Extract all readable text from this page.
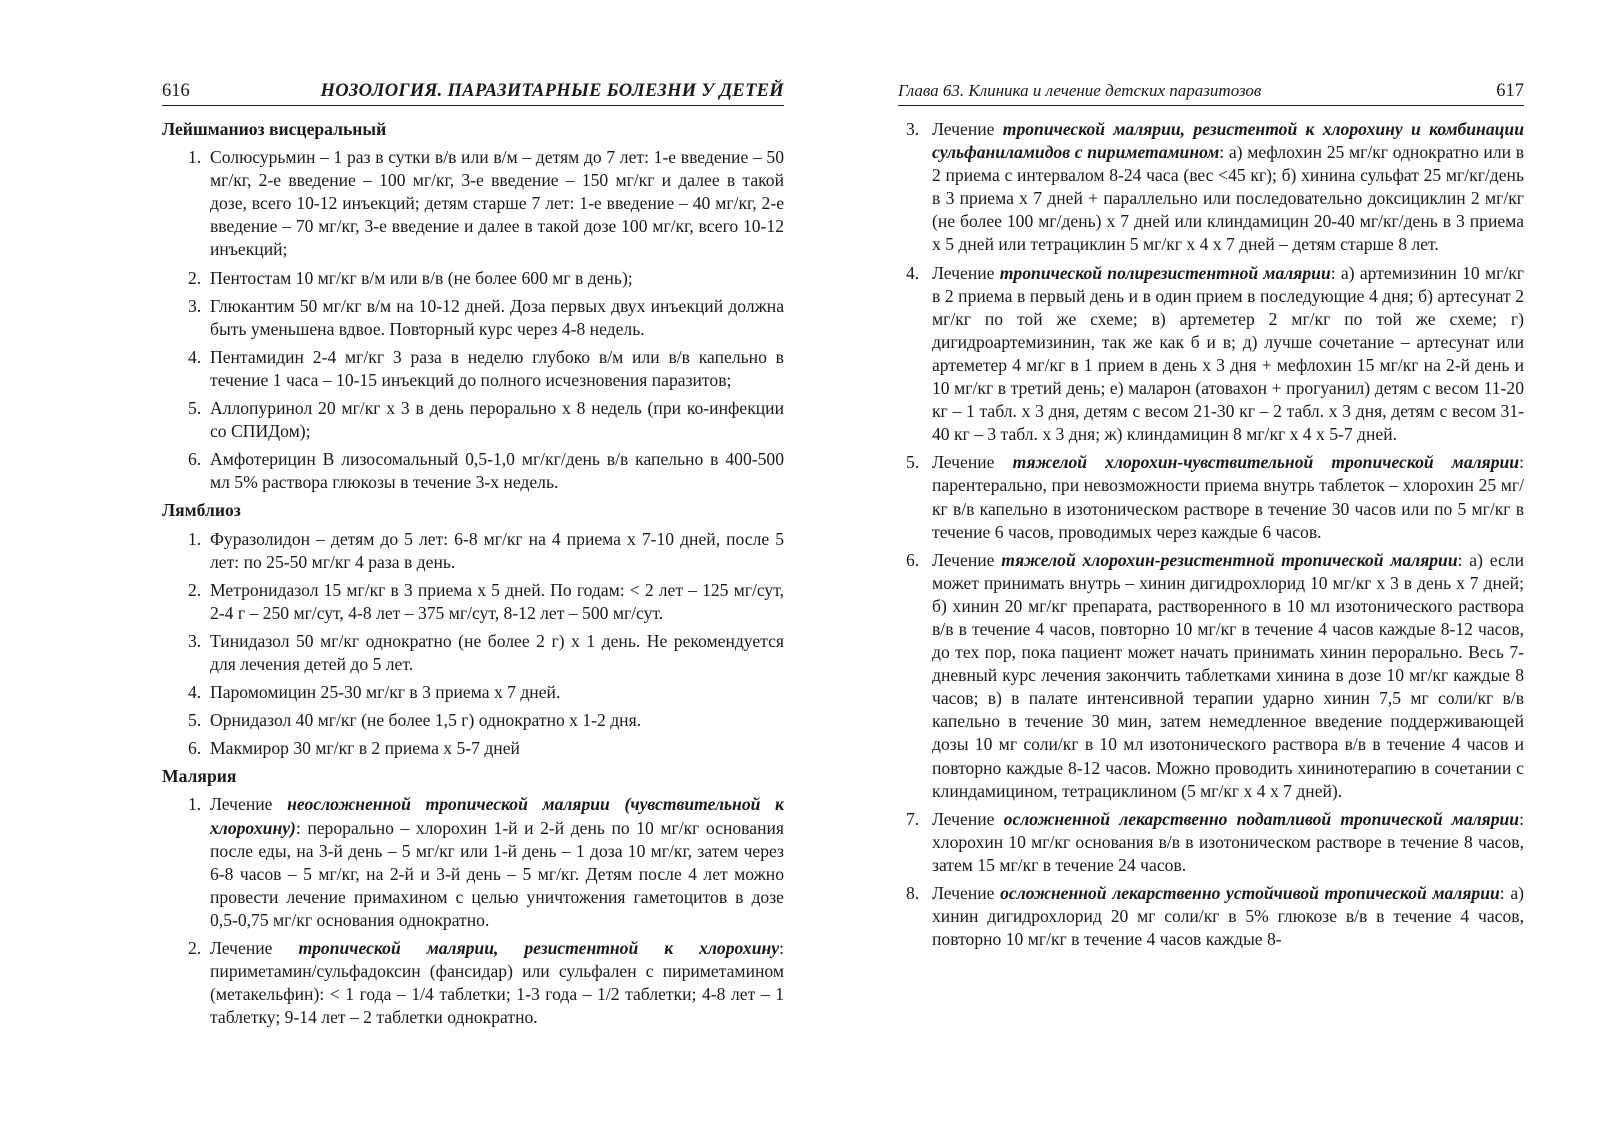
616	НОЗОЛОГИЯ. ПАРАЗИТАРНЫЕ БОЛЕЗНИ У ДЕТЕЙ
Лейшманиоз висцеральный
1. Солюсурьмин – 1 раз в сутки в/в или в/м – детям до 7 лет: 1-е введение – 50 мг/кг, 2-е введение – 100 мг/кг, 3-е введение – 150 мг/кг и далее в такой дозе, всего 10-12 инъекций; детям старше 7 лет: 1-е введение – 40 мг/кг, 2-е введение – 70 мг/кг, 3-е введение и далее в такой дозе 100 мг/кг, всего 10-12 инъекций;
2. Пентостам 10 мг/кг в/м или в/в (не более 600 мг в день);
3. Глюкантим 50 мг/кг в/м на 10-12 дней. Доза первых двух инъекций должна быть уменьшена вдвое. Повторный курс через 4-8 недель.
4. Пентамидин 2-4 мг/кг 3 раза в неделю глубоко в/м или в/в капельно в течение 1 часа – 10-15 инъекций до полного исчезновения паразитов;
5. Аллопуринол 20 мг/кг х 3 в день перорально х 8 недель (при ко-инфекции со СПИДом);
6. Амфотерицин В лизосомальный 0,5-1,0 мг/кг/день в/в капельно в 400-500 мл 5% раствора глюкозы в течение 3-х недель.
Лямблиоз
1. Фуразолидон – детям до 5 лет: 6-8 мг/кг на 4 приема х 7-10 дней, после 5 лет: по 25-50 мг/кг 4 раза в день.
2. Метронидазол 15 мг/кг в 3 приема х 5 дней. По годам: < 2 лет – 125 мг/сут, 2-4 г – 250 мг/сут, 4-8 лет – 375 мг/сут, 8-12 лет – 500 мг/сут.
3. Тинидазол 50 мг/кг однократно (не более 2 г) х 1 день. Не рекомендуется для лечения детей до 5 лет.
4. Паромомицин 25-30 мг/кг в 3 приема х 7 дней.
5. Орнидазол 40 мг/кг (не более 1,5 г) однократно х 1-2 дня.
6. Макмирор 30 мг/кг в 2 приема х 5-7 дней
Малярия
1. Лечение неосложненной тропической малярии (чувствительной к хлорохину): перорально – хлорохин 1-й и 2-й день по 10 мг/кг основания после еды, на 3-й день – 5 мг/кг или 1-й день – 1 доза 10 мг/кг, затем через 6-8 часов – 5 мг/кг, на 2-й и 3-й день – 5 мг/кг. Детям после 4 лет можно провести лечение примахином с целью уничтожения гаметоцитов в дозе 0,5-0,75 мг/кг основания однократно.
2. Лечение тропической малярии, резистентной к хлорохину: пириметамин/сульфадоксин (фансидар) или сульфален с пириметамином (метакельфин): < 1 года – 1/4 таблетки; 1-3 года – 1/2 таблетки; 4-8 лет – 1 таблетку; 9-14 лет – 2 таблетки однократно.
Глава 63. Клиника и лечение детских паразитозов	617
3. Лечение тропической малярии, резистентой к хлорохину и комбинации сульфаниламидов с пириметамином: а) мефлохин 25 мг/кг однократно или в 2 приема с интервалом 8-24 часа (вес <45 кг); б) хинина сульфат 25 мг/кг/день в 3 приема х 7 дней + параллельно или последовательно доксициклин 2 мг/кг (не более 100 мг/день) х 7 дней или клиндамицин 20-40 мг/кг/день в 3 приема х 5 дней или тетрациклин 5 мг/кг х 4 х 7 дней – детям старше 8 лет.
4. Лечение тропической полирезистентной малярии: а) артемизинин 10 мг/кг в 2 приема в первый день и в один прием в последующие 4 дня; б) артесунат 2 мг/кг по той же схеме; в) артеметер 2 мг/кг по той же схеме; г) дигидроартемизинин, так же как б и в; д) лучше сочетание – артесунат или артеметер 4 мг/кг в 1 прием в день х 3 дня + мефлохин 15 мг/кг на 2-й день и 10 мг/кг в третий день; е) маларон (атовахон + прогуанил) детям с весом 11-20 кг – 1 табл. х 3 дня, детям с весом 21-30 кг – 2 табл. х 3 дня, детям с весом 31-40 кг – 3 табл. х 3 дня; ж) клиндамицин 8 мг/кг х 4 х 5-7 дней.
5. Лечение тяжелой хлорохин-чувствительной тропической малярии: парентерально, при невозможности приема внутрь таблеток – хлорохин 25 мг/кг в/в капельно в изотоническом растворе в течение 30 часов или по 5 мг/кг в течение 6 часов, проводимых через каждые 6 часов.
6. Лечение тяжелой хлорохин-резистентной тропической малярии: а) если может принимать внутрь – хинин дигидрохлорид 10 мг/кг х 3 в день х 7 дней; б) хинин 20 мг/кг препарата, растворенного в 10 мл изотонического раствора в/в в течение 4 часов, повторно 10 мг/кг в течение 4 часов каждые 8-12 часов, до тех пор, пока пациент может начать принимать хинин перорально. Весь 7-дневный курс лечения закончить таблетками хинина в дозе 10 мг/кг каждые 8 часов; в) в палате интенсивной терапии ударно хинин 7,5 мг соли/кг в/в капельно в течение 30 мин, затем немедленное введение поддерживающей дозы 10 мг соли/кг в 10 мл изотонического раствора в/в в течение 4 часов и повторно каждые 8-12 часов. Можно проводить хининотерапию в сочетании с клиндамицином, тетрациклином (5 мг/кг х 4 х 7 дней).
7. Лечение осложненной лекарственно податливой тропической малярии: хлорохин 10 мг/кг основания в/в в изотоническом растворе в течение 8 часов, затем 15 мг/кг в течение 24 часов.
8. Лечение осложненной лекарственно устойчивой тропической малярии: а) хинин дигидрохлорид 20 мг соли/кг в 5% глюкозе в/в в течение 4 часов, повторно 10 мг/кг в течение 4 часов каждые 8-
